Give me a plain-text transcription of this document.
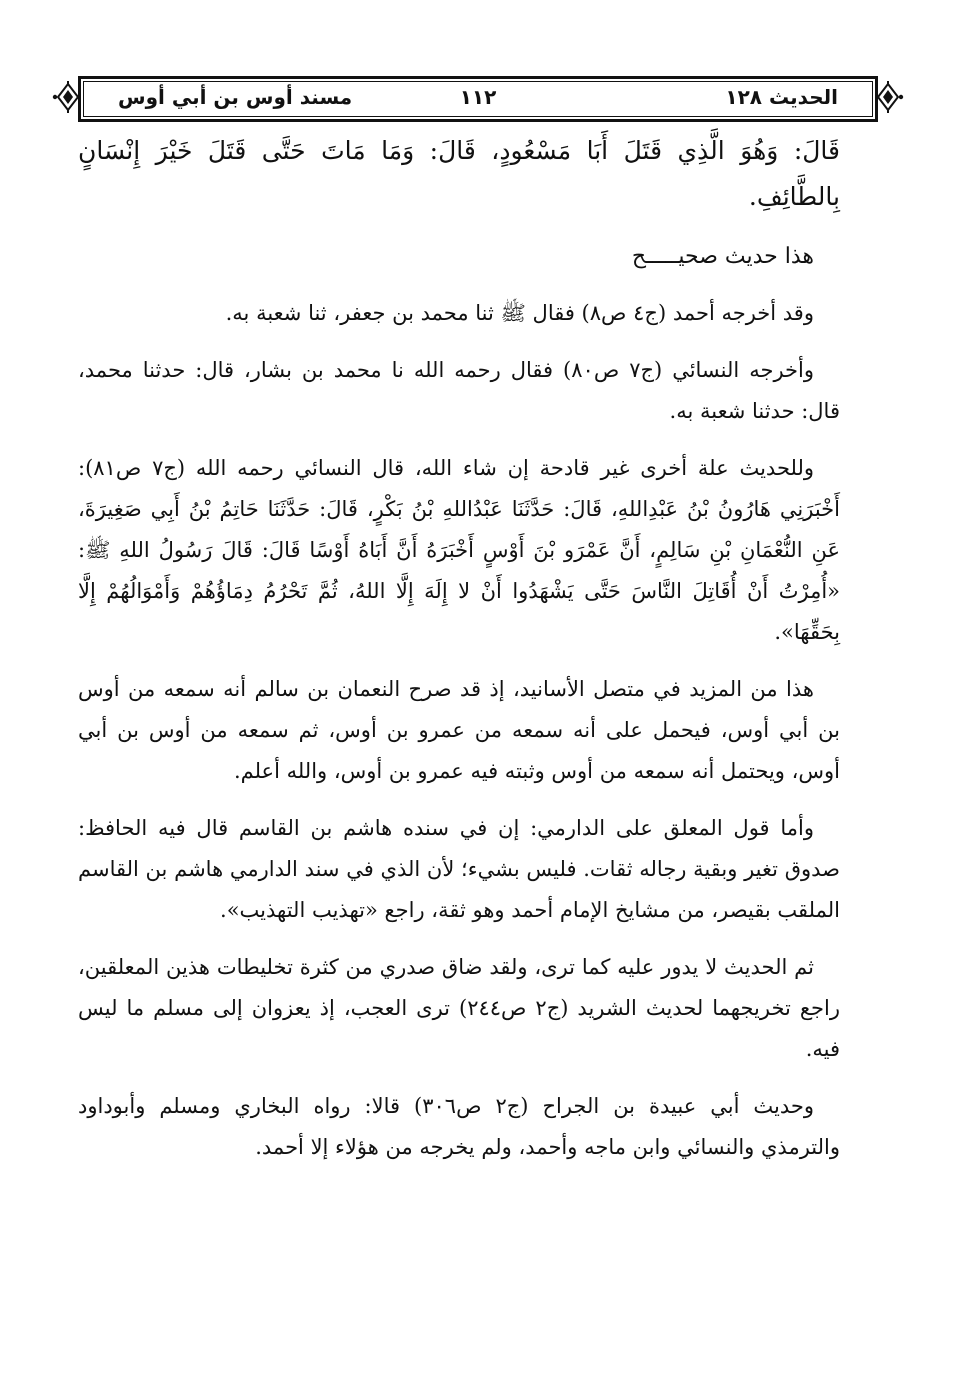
الحديث ١٢٨
١١٢
مسند أوس بن أبي أوس

قَالَ: وَهُوَ الَّذِي قَتَلَ أَبَا مَسْعُودٍ، قَالَ: وَمَا مَاتَ حَتَّى قَتَلَ خَيْرَ إِنْسَانٍ بِالطَّائِفِ.

هذا حديث صحيـــــح

وقد أخرجه أحمد (ج٤ ص٨) فقال ﷺ ثنا محمد بن جعفر، ثنا شعبة به.

وأخرجه النسائي (ج٧ ص٨٠) فقال رحمه الله نا محمد بن بشار، قال: حدثنا محمد، قال: حدثنا شعبة به.

وللحديث علة أخرى غير قادحة إن شاء الله، قال النسائي رحمه الله (ج٧ ص٨١): أَخْبَرَنِي هَارُونُ بْنُ عَبْدِاللهِ، قَالَ: حَدَّثَنَا عَبْدُاللهِ بْنُ بَكْرٍ، قَالَ: حَدَّثَنَا حَاتِمُ بْنُ أَبِي صَغِيرَةَ، عَنِ النُّعْمَانِ بْنِ سَالِمٍ، أَنَّ عَمْرَو بْنَ أَوْسٍ أَخْبَرَهُ أَنَّ أَبَاهُ أَوْسًا قَالَ: قَالَ رَسُولُ اللهِ ﷺ: «أُمِرْتُ أَنْ أُقَاتِلَ النَّاسَ حَتَّى يَشْهَدُوا أَنْ لا إِلَهَ إِلَّا اللهُ، ثُمَّ تَحْرُمُ دِمَاؤُهُمْ وَأَمْوَالُهُمْ إِلَّا بِحَقِّهَا».

هذا من المزيد في متصل الأسانيد، إذ قد صرح النعمان بن سالم أنه سمعه من أوس بن أبي أوس، فيحمل على أنه سمعه من عمرو بن أوس، ثم سمعه من أوس بن أبي أوس، ويحتمل أنه سمعه من أوس وثبته فيه عمرو بن أوس، والله أعلم.

وأما قول المعلق على الدارمي: إن في سنده هاشم بن القاسم قال فيه الحافظ: صدوق تغير وبقية رجاله ثقات. فليس بشيء؛ لأن الذي في سند الدارمي هاشم بن القاسم الملقب بقيصر، من مشايخ الإمام أحمد وهو ثقة، راجع «تهذيب التهذيب».

ثم الحديث لا يدور عليه كما ترى، ولقد ضاق صدري من كثرة تخليطات هذين المعلقين، راجع تخريجهما لحديث الشريد (ج٢ ص٢٤٤) ترى العجب، إذ يعزوان إلى مسلم ما ليس فيه.

وحديث أبي عبيدة بن الجراح (ج٢ ص٣٠٦) قالا: رواه البخاري ومسلم وأبوداود والترمذي والنسائي وابن ماجه وأحمد، ولم يخرجه من هؤلاء إلا أحمد.
